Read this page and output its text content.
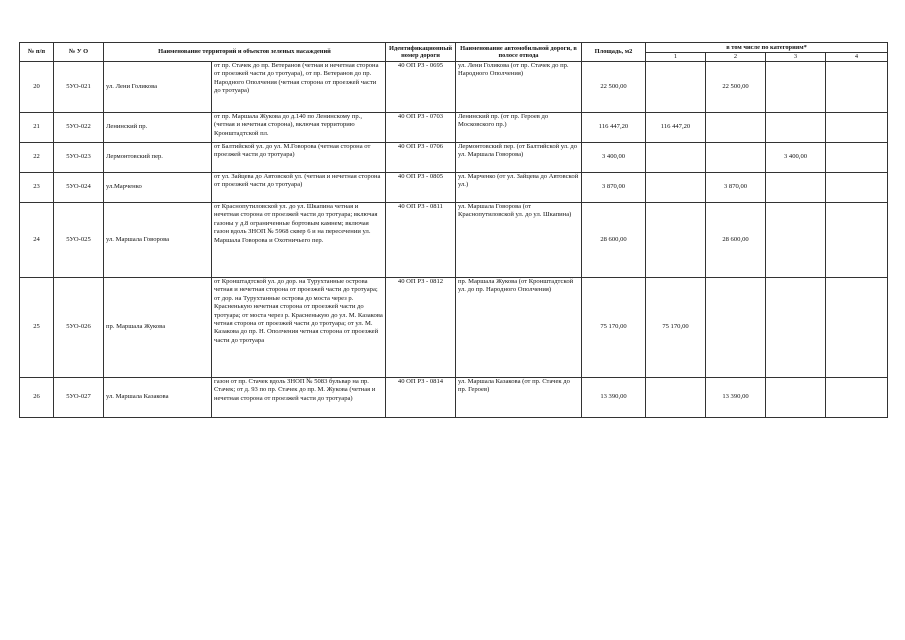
№ п/п	№ У О	Наименование территорий и объектов зеленых насаждений		Идентификационный номер дороги	Наименование автомобильной дороги, в полосе отвода	Площадь, м2	в том числе по категориям*			
							1	2	3	4
20	5УО-021	ул. Лени Голикова	от пр. Стачек до пр. Ветеранов (четная и нечетная сторона от проезжей части до тротуара), от пр. Ветеранов до пр. Народного Ополчения (четная сторона от проезжей части до тротуара)	40 ОП РЗ - 0695	ул. Лени Голикова (от пр. Стачек до пр. Народного Ополчения)	22 500,00		22 500,00		
21	5УО-022	Ленинский пр.	от пр. Маршала Жукова до д.140 по Ленинскому пр., (четная и нечетная сторона), включая территорию Кронштадтской пл.	40 ОП РЗ - 0703	Ленинский пр. (от пр. Героев до Московского пр.)	116 447,20	116 447,20			
22	5УО-023	Лермонтовский пер.	от Балтийской ул. до ул. М.Говорова (четная сторона от проезжей части до тротуара)	40 ОП РЗ - 0706	Лермонтовский пер. (от Балтийской ул. до ул. Маршала Говорова)	3 400,00			3 400,00	
23	5УО-024	ул.Марченко	от ул. Зайцева до Автовской ул. (четная и нечетная сторона от проезжей части до тротуара)	40 ОП РЗ - 0805	ул. Марченко (от ул. Зайцева до Автовской ул.)	3 870,00		3 870,00		
24	5УО-025	ул. Маршала Говорова	от Краснопутиловской ул. до ул. Шкапина четная и нечетная сторона от проезжей части до тротуара; включая газоны у д.8 ограниченные бортовым камнем; включая газон вдоль ЗНОП № 5968 сквер 6 и на пересечении ул. Маршала Говорова и Охотничьего пер.	40 ОП РЗ - 0811	ул. Маршала Говорова (от Краснопутиловской ул. до ул. Шкапина)	28 600,00		28 600,00		
25	5УО-026	пр. Маршала Жукова	от Кронштадтской ул. до дор. на Турухтанные острова четная и нечетная сторона от проезжей части до тротуара; от дор. на Турухтанные острова до моста через р. Красненькую нечетная сторона от проезжей части до тротуара; от моста через р. Красненькую до ул. М. Казакова четная сторона от проезжей части до тротуара; от ул. М. Казакова до пр. Н. Ополчения четная сторона от проезжей части до тротуара	40 ОП РЗ - 0812	пр. Маршала Жукова (от Кронштадтской ул. до пр. Народного Ополчения)	75 170,00	75 170,00			
26	5УО-027	ул. Маршала Казакова	газон от пр. Стачек вдоль ЗНОП № 5083 бульвар на пр. Стачек; от д. 93 по пр. Стачек до пр. М. Жукова (четная и нечетная сторона от проезжей части до тротуара)	40 ОП РЗ - 0814	ул. Маршала Казакова (от пр. Стачек до пр. Героев)	13 390,00		13 390,00		
